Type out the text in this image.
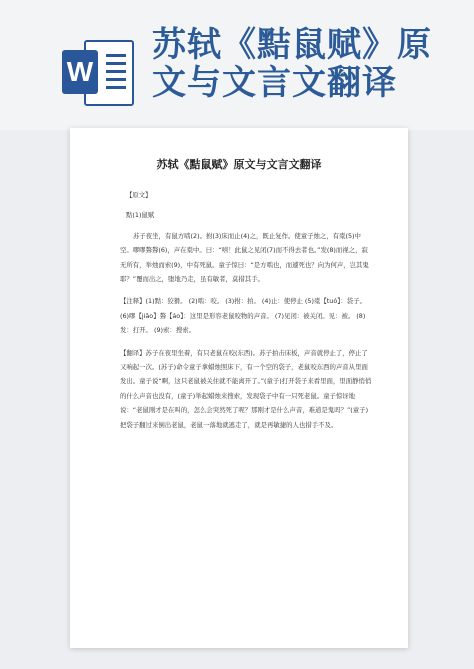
W
苏轼《黠鼠赋》原
文与文言文翻译
苏轼《黠鼠赋》原文与文言文翻译

【原文】

黠(1)鼠赋

苏子夜坐，有鼠方啮(2)。拊(3)床而止(4)之，既止复作。使童子烛之，有橐(5)中空。嘐嘐聱聱(6)，声在橐中。曰：“嘻！此鼠之见闭(7)而不得去者也。”发(8)而视之，寂无所有，举烛而索(9)，中有死鼠。童子惊曰：“是方啮也，而遽死也？向为何声，岂其鬼耶？”覆而出之，堕地乃走，虽有敏者，莫措其手。

【注释】(1)黠：狡猾。 (2)啮：咬。 (3)拊：拍。 (4)止：使停止 (5)橐【tuó】：袋子。 (6)嘐【jiāo】聱【áo】：这里是形容老鼠咬物的声音。 (7)见闭：被关闭。见：被。 (8)发：打开。 (9)索：搜索。

【翻译】苏子在夜里坐着，有只老鼠在咬(东西)。苏子拍击床板，声音就停止了，停止了又响起一次。(苏子)命令童子拿蜡烛照床下，有一个空的袋子，老鼠咬东西的声音从里面发出。童子说“啊，这只老鼠被关住就不能离开了。”(童子)打开袋子来看里面，里面静悄悄的什么声音也没有，(童子)举起蜡烛来搜索，发现袋子中有一只死老鼠。童子惊讶地说：“老鼠刚才是在叫的，怎么会突然死了呢？那刚才是什么声音，难道是鬼吗？”(童子)把袋子翻过来倒出老鼠，老鼠一落地就逃走了，就是再敏捷的人也措手不及。
